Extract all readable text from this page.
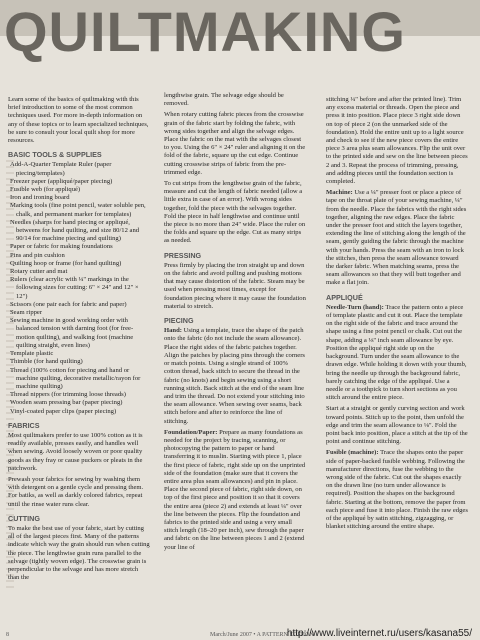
QUILTMAKING

Learn some of the basics of quiltmaking with this brief introduction to some of the most common techniques used. For more in-depth information on any of these topics or to learn specialized techniques, be sure to consult your local quilt shop for more resources.

BASIC TOOLS & SUPPLIES
Add-A-Quarter Template Ruler (paper piecing/templates)
Freezer paper (appliqué/paper piecing)
Fusible web (for appliqué)
Iron and ironing board
Marking tools (fine point pencil, water soluble pen, chalk, and permanent marker for templates)
Needles (sharps for hand piecing or appliqué, betweens for hand quilting, and size 80/12 and 90/14 for machine piecing and quilting)
Paper or fabric for making foundations
Pins and pin cushion
Quilting hoop or frame (for hand quilting)
Rotary cutter and mat
Rulers (clear acrylic with ¼" markings in the following sizes for cutting: 6" × 24" and 12" × 12")
Scissors (one pair each for fabric and paper)
Seam ripper
Sewing machine in good working order with balanced tension with darning foot (for free-motion quilting), and walking foot (machine quilting straight, even lines)
Template plastic
Thimble (for hand quilting)
Thread (100% cotton for piecing and hand or machine quilting, decorative metallic/rayon for machine quilting)
Thread nippers (for trimming loose threads)
Wooden seam pressing bar (paper piecing)
Vinyl-coated paper clips (paper piecing)
FABRICS

Most quiltmakers prefer to use 100% cotton as it is readily available, presses easily, and handles well when sewing. Avoid loosely woven or poor quality goods as they fray or cause puckers or pleats in the patchwork.

Prewash your fabrics for sewing by washing them with detergent on a gentle cycle and pressing them. For batiks, as well as darkly colored fabrics, repeat until the rinse water runs clear.

CUTTING

To make the best use of your fabric, start by cutting all of the largest pieces first. Many of the patterns indicate which way the grain should run when cutting the piece. The lengthwise grain runs parallel to the selvage (tightly woven edge). The crosswise grain is perpendicular to the selvage and has more stretch than the

lengthwise grain. The selvage edge should be removed.

When rotary cutting fabric pieces from the crosswise grain of the fabric start by folding the fabric, with wrong sides together and align the selvage edges. Place the fabric on the mat with the selvages closest to you. Using the 6" × 24" ruler and aligning it on the fold of the fabric, square up the cut edge. Continue cutting crosswise strips of fabric from the pre-trimmed edge.

To cut strips from the lengthwise grain of the fabric, measure and cut the length of fabric needed (allow a little extra in case of an error). With wrong sides together, fold the piece with the selvages together. Fold the piece in half lengthwise and continue until the piece is no more than 24" wide. Place the ruler on the folds and square up the edge. Cut as many strips as needed.

PRESSING

Press firmly by placing the iron straight up and down on the fabric and avoid pulling and pushing motions that may cause distortion of the fabric. Steam may be used when pressing most times, except for foundation piecing where it may cause the foundation material to stretch.

PIECING

Hand: Using a template, trace the shape of the patch onto the fabric (do not include the seam allowance). Place the right sides of the fabric patches together. Align the patches by placing pins through the corners or match points. Using a single strand of 100% cotton thread, back stitch to secure the thread in the fabric (no knots) and begin sewing using a short running stitch. Back stitch at the end of the seam line and trim the thread. Do not extend your stitching into the seam allowance. When sewing over seams, back stitch before and after to reinforce the line of stitching.

Foundation/Paper: Prepare as many foundations as needed for the project by tracing, scanning, or photocopying the pattern to paper or hand transferring it to muslin. Starting with piece 1, place the first piece of fabric, right side up on the unprinted side of the foundation (make sure that it covers the entire area plus seam allowances) and pin in place. Place the second piece of fabric, right side down, on top of the first piece and position it so that it covers the entire area (piece 2) and extends at least ¼" over the line between the pieces. Flip the foundation and fabrics to the printed side and using a very small stitch length (18–20 per inch), sew through the paper and fabric on the line between pieces 1 and 2 (extend your line of

stitching ¼" before and after the printed line). Trim any excess material or threads. Open the piece and press it into position. Place piece 3 right side down on top of piece 2 (on the unmarked side of the foundation). Hold the entire unit up to a light source and check to see if the new piece covers the entire piece 3 area plus seam allowances. Flip the unit over to the printed side and sew on the line between pieces 2 and 3. Repeat the process of trimming, pressing, and adding pieces until the foundation section is completed.

Machine: Use a ¼" presser foot or place a piece of tape on the throat plate of your sewing machine, ¼" from the needle. Place the fabrics with the right sides together, aligning the raw edges. Place the fabric under the presser foot and stitch the layers together, extending the line of stitching along the length of the seam, gently guiding the fabric through the machine with your hands. Press the seam with an iron to lock the stitches, then press the seam allowance toward the darker fabric. When matching seams, press the seam allowances so that they will butt together and make a flat join.

APPLIQUÉ

Needle-Turn (hand): Trace the pattern onto a piece of template plastic and cut it out. Place the template on the right side of the fabric and trace around the shape using a fine point pencil or chalk. Cut out the shape, adding a ⅛" inch seam allowance by eye. Position the appliqué right side up on the background. Turn under the seam allowance to the drawn edge. While holding it down with your thumb, bring the needle up through the background fabric, barely catching the edge of the appliqué. Use a needle or a toothpick to turn short sections as you stitch around the entire piece.

Start at a straight or gently curving section and work toward points. Stitch up to the point, then unfold the edge and trim the seam allowance to ⅛". Fold the point back into position, place a stitch at the tip of the point and continue stitching.

Fusible (machine): Trace the shapes onto the paper side of paper-backed fusible webbing. Following the manufacturer directions, fuse the webbing to the wrong side of the fabric. Cut out the shapes exactly on the drawn line (no turn under allowance is required). Position the shapes on the background fabric. Starting at the bottom, remove the paper from each piece and fuse it into place. Finish the raw edges of the appliqué by satin stitching, zigzagging, or blanket stitching around the entire shape.

8	March/June 2007 • A PATTERN EDITION
http://www.liveinternet.ru/users/kasana55/
